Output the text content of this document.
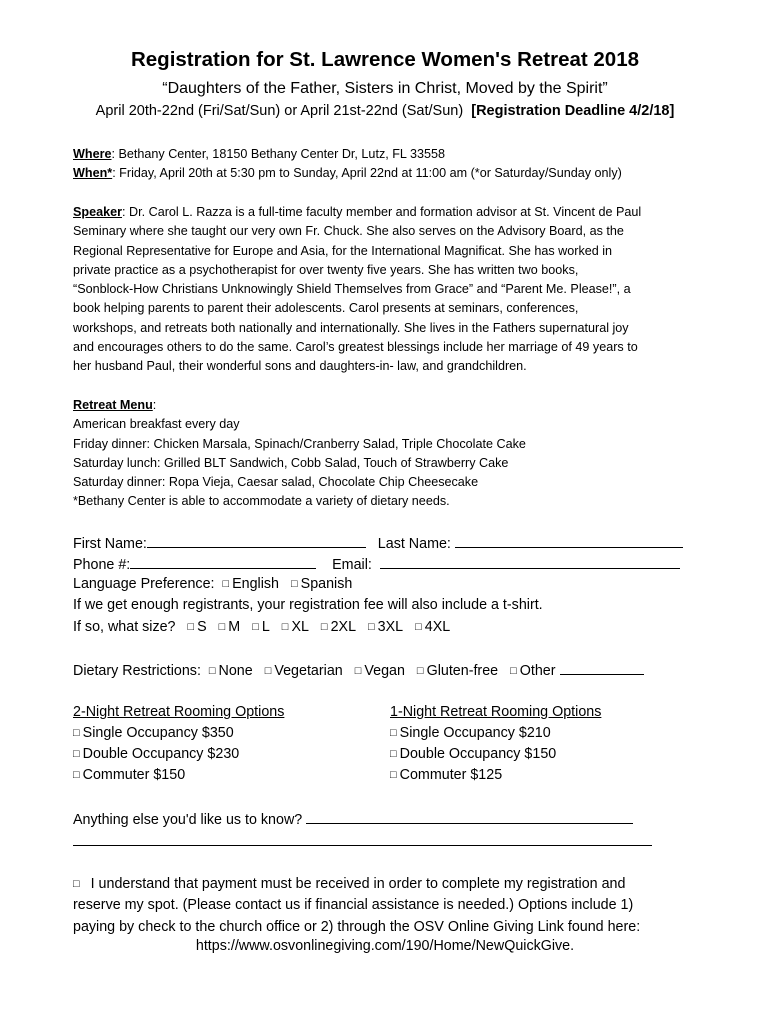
Registration for St. Lawrence Women's Retreat 2018
“Daughters of the Father, Sisters in Christ, Moved by the Spirit”
April 20th-22nd (Fri/Sat/Sun) or April 21st-22nd (Sat/Sun) [Registration Deadline 4/2/18]
Where: Bethany Center, 18150 Bethany Center Dr, Lutz, FL 33558
When*: Friday, April 20th at 5:30 pm to Sunday, April 22nd at 11:00 am (*or Saturday/Sunday only)

Speaker: Dr. Carol L. Razza is a full-time faculty member and formation advisor at St. Vincent de Paul

Seminary where she taught our very own Fr. Chuck. She also serves on the Advisory Board, as the

Regional Representative for Europe and Asia, for the International Magnificat. She has worked in

private practice as a psychotherapist for over twenty five years. She has written two books,

“Sonblock-How Christians Unknowingly Shield Themselves from Grace” and “Parent Me. Please!”, a

book helping parents to parent their adolescents. Carol presents at seminars, conferences,

workshops, and retreats both nationally and internationally. She lives in the Fathers supernatural joy

and encourages others to do the same. Carol’s greatest blessings include her marriage of 49 years to

her husband Paul, their wonderful sons and daughters-in- law, and grandchildren.

Retreat Menu:

American breakfast every day

Friday dinner: Chicken Marsala, Spinach/Cranberry Salad, Triple Chocolate Cake

Saturday lunch: Grilled BLT Sandwich, Cobb Salad, Touch of Strawberry Cake

Saturday dinner: Ropa Vieja, Caesar salad, Chocolate Chip Cheesecake

*Bethany Center is able to accommodate a variety of dietary needs.

First Name:	Last Name:
Phone #:	Email:
Language Preference: □ English □ Spanish
If we get enough registrants, your registration fee will also include a t-shirt.
If so, what size? □ S □ M □ L □ XL □ 2XL □ 3XL □ 4XL
Dietary Restrictions: □ None □ Vegetarian □ Vegan □ Gluten-free □ Other
2-Night Retreat Rooming Options
□ Single Occupancy $350
□ Double Occupancy $230
□ Commuter $150
1-Night Retreat Rooming Options
□ Single Occupancy $210
□ Double Occupancy $150
□ Commuter $125
Anything else you'd like us to know?

□ I understand that payment must be received in order to complete my registration and

reserve my spot. (Please contact us if financial assistance is needed.) Options include 1)

paying by check to the church office or 2) through the OSV Online Giving Link found here:

https://www.osvonlinegiving.com/190/Home/NewQuickGive.
